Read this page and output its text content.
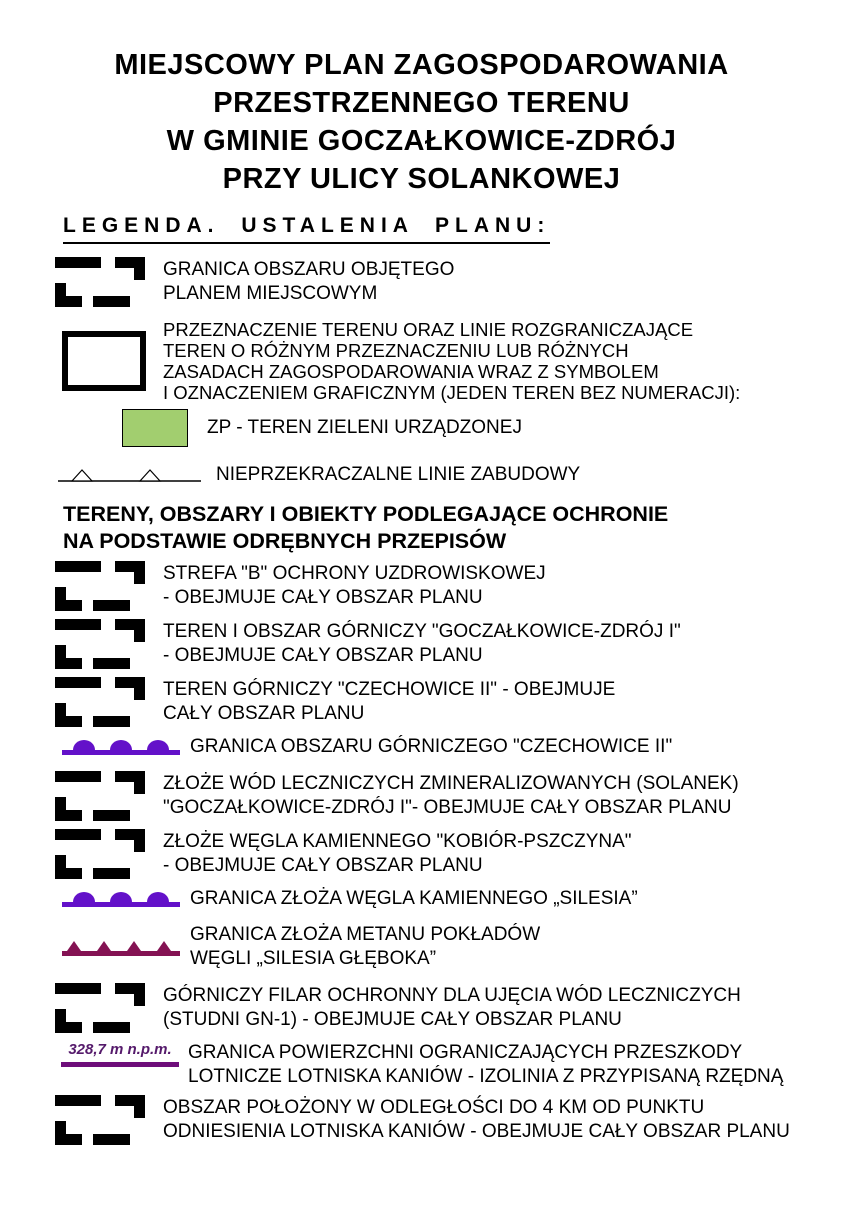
MIEJSCOWY PLAN ZAGOSPODAROWANIA
PRZESTRZENNEGO TERENU
W GMINIE GOCZAŁKOWICE-ZDRÓJ
PRZY ULICY SOLANKOWEJ
LEGENDA. USTALENIA PLANU:
GRANICA OBSZARU OBJĘTEGO
PLANEM MIEJSCOWYM
PRZEZNACZENIE TERENU ORAZ LINIE ROZGRANICZAJĄCE
TEREN O RÓŻNYM PRZEZNACZENIU LUB RÓŻNYCH
ZASADACH ZAGOSPODAROWANIA WRAZ Z SYMBOLEM
I OZNACZENIEM GRAFICZNYM (JEDEN TEREN BEZ NUMERACJI):
ZP - TEREN ZIELENI URZĄDZONEJ
NIEPRZEKRACZALNE LINIE ZABUDOWY
TERENY, OBSZARY I OBIEKTY PODLEGAJĄCE OCHRONIE
NA PODSTAWIE ODRĘBNYCH PRZEPISÓW
STREFA "B" OCHRONY UZDROWISKOWEJ
- OBEJMUJE CAŁY OBSZAR PLANU
TEREN I OBSZAR GÓRNICZY "GOCZAŁKOWICE-ZDRÓJ I"
- OBEJMUJE CAŁY OBSZAR PLANU
TEREN GÓRNICZY "CZECHOWICE II" - OBEJMUJE
CAŁY OBSZAR PLANU
GRANICA OBSZARU GÓRNICZEGO "CZECHOWICE II"
ZŁOŻE WÓD LECZNICZYCH ZMINERALIZOWANYCH (SOLANEK)
"GOCZAŁKOWICE-ZDRÓJ I"- OBEJMUJE CAŁY OBSZAR PLANU
ZŁOŻE WĘGLA KAMIENNEGO "KOBIÓR-PSZCZYNA"
- OBEJMUJE CAŁY OBSZAR PLANU
GRANICA ZŁOŻA WĘGLA KAMIENNEGO „SILESIA”
GRANICA ZŁOŻA METANU POKŁADÓW
WĘGLI „SILESIA GŁĘBOKA”
GÓRNICZY FILAR OCHRONNY DLA UJĘCIA WÓD LECZNICZYCH
(STUDNI GN-1) - OBEJMUJE CAŁY OBSZAR PLANU
328,7 m n.p.m. GRANICA POWIERZCHNI OGRANICZAJĄCYCH PRZESZKODY
LOTNICZE LOTNISKA KANIÓW - IZOLINIA Z PRZYPISANĄ RZĘDNĄ
OBSZAR POŁOŻONY W ODLEGŁOŚCI DO 4 KM OD PUNKTU
ODNIESIENIA LOTNISKA KANIÓW - OBEJMUJE CAŁY OBSZAR PLANU
